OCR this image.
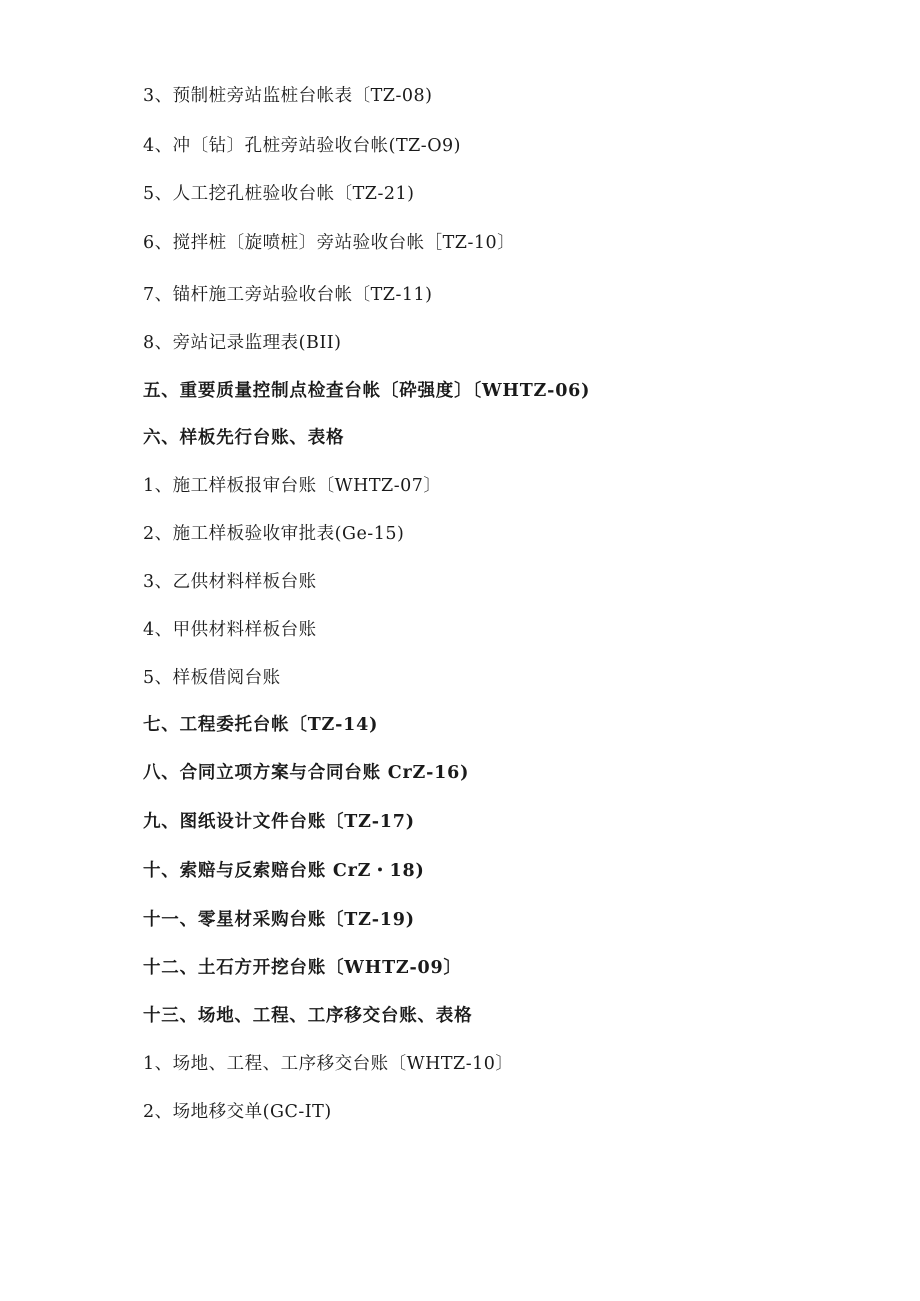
3、预制桩旁站监桩台帐表〔TZ-08)
4、冲〔钻〕孔桩旁站验收台帐(TZ-O9)
5、人工挖孔桩验收台帐〔TZ-21)
6、搅拌桩〔旋喷桩〕旁站验收台帐［TZ-10〕
7、锚杆施工旁站验收台帐〔TZ-11)
8、旁站记录监理表(BII)
五、重要质量控制点检查台帐〔砕强度〕〔WHTZ-06)
六、样板先行台账、表格
1、施工样板报审台账〔WHTZ-07〕
2、施工样板验收审批表(Ge-15)
3、乙供材料样板台账
4、甲供材料样板台账
5、样板借阅台账
七、工程委托台帐〔TZ-14)
八、合同立项方案与合同台账 CrZ-16)
九、图纸设计文件台账〔TZ-17)
十、索赔与反索赔台账 CrZ・18)
十一、零星材采购台账〔TZ-19)
十二、土石方开挖台账〔WHTZ-09〕
十三、场地、工程、工序移交台账、表格
1、场地、工程、工序移交台账〔WHTZ-10〕
2、场地移交单(GC-IT)
